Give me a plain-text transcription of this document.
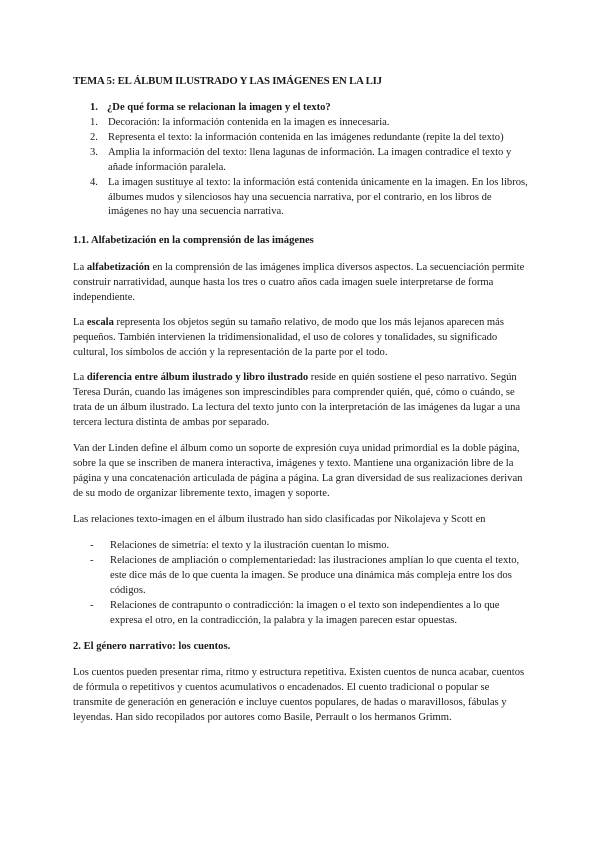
TEMA 5: EL ÁLBUM ILUSTRADO Y LAS IMÁGENES EN LA LIJ
1. ¿De qué forma se relacionan la imagen y el texto?
1. Decoración: la información contenida en la imagen es innecesaria.
2. Representa el texto: la información contenida en las imágenes redundante (repite la del texto)
3. Amplia la información del texto: llena lagunas de información. La imagen contradice el texto y añade información paralela.
4. La imagen sustituye al texto: la información está contenida únicamente en la imagen. En los libros, álbumes mudos y silenciosos hay una secuencia narrativa, por el contrario, en los libros de imágenes no hay una secuencia narrativa.
1.1. Alfabetización en la comprensión de las imágenes

La alfabetización en la comprensión de las imágenes implica diversos aspectos. La secuenciación permite construir narratividad, aunque hasta los tres o cuatro años cada imagen suele interpretarse de forma independiente.

La escala representa los objetos según su tamaño relativo, de modo que los más lejanos aparecen más pequeños. También intervienen la tridimensionalidad, el uso de colores y tonalidades, su significado cultural, los símbolos de acción y la representación de la parte por el todo.

La diferencia entre álbum ilustrado y libro ilustrado reside en quién sostiene el peso narrativo. Según Teresa Durán, cuando las imágenes son imprescindibles para comprender quién, qué, cómo o cuándo, se trata de un álbum ilustrado. La lectura del texto junto con la interpretación de las imágenes da lugar a una tercera lectura distinta de ambas por separado.

Van der Linden define el álbum como un soporte de expresión cuya unidad primordial es la doble página, sobre la que se inscriben de manera interactiva, imágenes y texto. Mantiene una organización libre de la página y una concatenación articulada de página a página. La gran diversidad de sus realizaciones derivan de su modo de organizar libremente texto, imagen y soporte.

Las relaciones texto-imagen en el álbum ilustrado han sido clasificadas por Nikolajeva y Scott en

-	Relaciones de simetría: el texto y la ilustración cuentan lo mismo.
-	Relaciones de ampliación o complementariedad: las ilustraciones amplían lo que cuenta el texto, este dice más de lo que cuenta la imagen. Se produce una dinámica más compleja entre los dos códigos.
-	Relaciones de contrapunto o contradicción: la imagen o el texto son independientes a lo que expresa el otro, en la contradicción, la palabra y la imagen parecen estar opuestas.
2. El género narrativo: los cuentos.

Los cuentos pueden presentar rima, ritmo y estructura repetitiva. Existen cuentos de nunca acabar, cuentos de fórmula o repetitivos y cuentos acumulativos o encadenados. El cuento tradicional o popular se transmite de generación en generación e incluye cuentos populares, de hadas o maravillosos, fábulas y leyendas. Han sido recopilados por autores como Basile, Perrault o los hermanos Grimm.
